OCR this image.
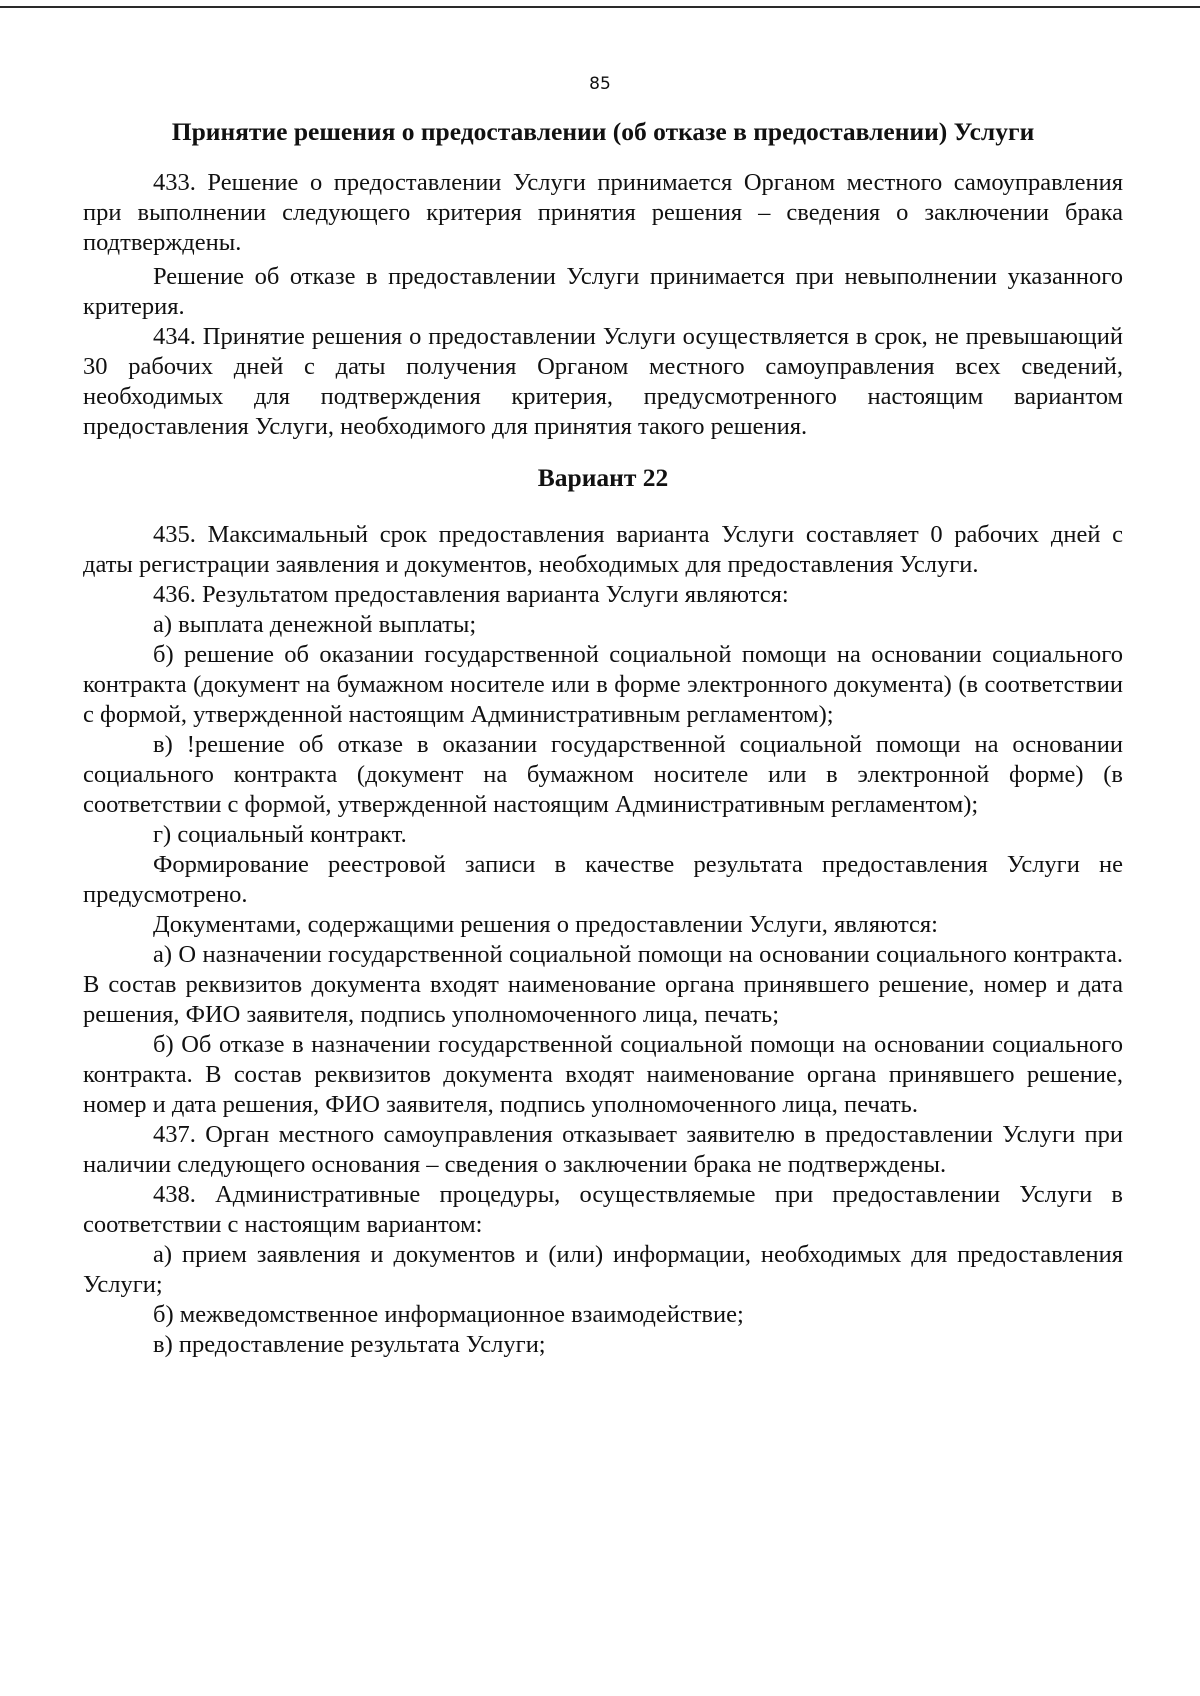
85
Принятие решения о предоставлении (об отказе в предоставлении) Услуги

433. Решение о предоставлении Услуги принимается Органом местного самоуправления при выполнении следующего критерия принятия решения – сведения о заключении брака подтверждены.

Решение об отказе в предоставлении Услуги принимается при невыполнении указанного критерия.

434. Принятие решения о предоставлении Услуги осуществляется в срок, не превышающий 30 рабочих дней с даты получения Органом местного самоуправления всех сведений, необходимых для подтверждения критерия, предусмотренного настоящим вариантом предоставления Услуги, необходимого для принятия такого решения.

Вариант 22

435. Максимальный срок предоставления варианта Услуги составляет 0 рабочих дней с даты регистрации заявления и документов, необходимых для предоставления Услуги.

436. Результатом предоставления варианта Услуги являются:

а) выплата денежной выплаты;

б) решение об оказании государственной социальной помощи на основании социального контракта (документ на бумажном носителе или в форме электронного документа) (в соответствии с формой, утвержденной настоящим Административным регламентом);

в) !решение об отказе в оказании государственной социальной помощи на основании социального контракта (документ на бумажном носителе или в электронной форме) (в соответствии с формой, утвержденной настоящим Административным регламентом);

г) социальный контракт.

Формирование реестровой записи в качестве результата предоставления Услуги не предусмотрено.

Документами, содержащими решения о предоставлении Услуги, являются:

а) О назначении государственной социальной помощи на основании социального контракта. В состав реквизитов документа входят наименование органа принявшего решение, номер и дата решения, ФИО заявителя, подпись уполномоченного лица, печать;

б) Об отказе в назначении государственной социальной помощи на основании социального контракта. В состав реквизитов документа входят наименование органа принявшего решение, номер и дата решения, ФИО заявителя, подпись уполномоченного лица, печать.

437. Орган местного самоуправления отказывает заявителю в предоставлении Услуги при наличии следующего основания – сведения о заключении брака не подтверждены.

438. Административные процедуры, осуществляемые при предоставлении Услуги в соответствии с настоящим вариантом:

а) прием заявления и документов и (или) информации, необходимых для предоставления Услуги;

б) межведомственное информационное взаимодействие;

в) предоставление результата Услуги;
